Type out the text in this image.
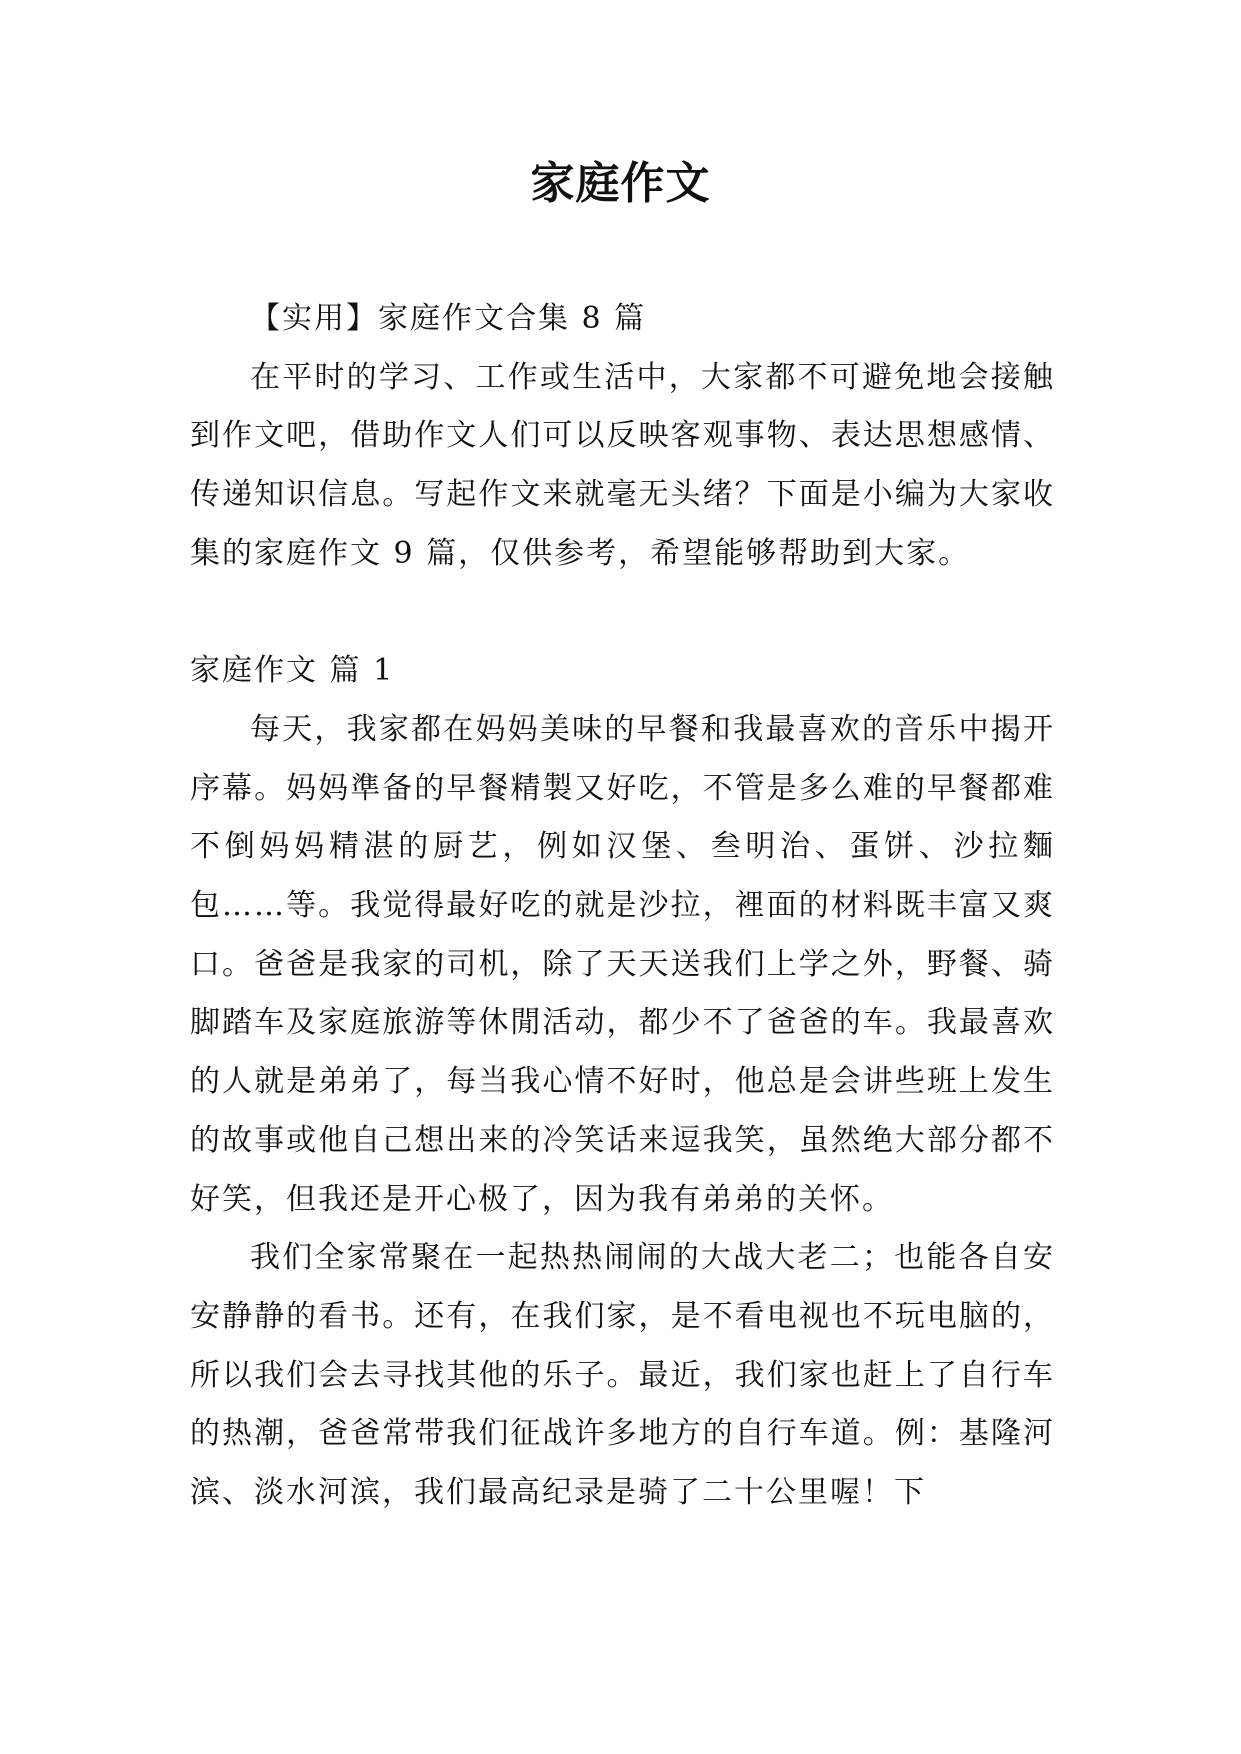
家庭作文

【实用】家庭作文合集 8 篇

在平时的学习、工作或生活中，大家都不可避免地会接触到作文吧，借助作文人们可以反映客观事物、表达思想感情、传递知识信息。写起作文来就毫无头绪？下面是小编为大家收集的家庭作文 9 篇，仅供参考，希望能够帮助到大家。

家庭作文 篇 1

每天，我家都在妈妈美味的早餐和我最喜欢的音乐中揭开序幕。妈妈準备的早餐精製又好吃，不管是多么难的早餐都难不倒妈妈精湛的厨艺，例如汉堡、叁明治、蛋饼、沙拉麵包……等。我觉得最好吃的就是沙拉，裡面的材料既丰富又爽口。爸爸是我家的司机，除了天天送我们上学之外，野餐、骑脚踏车及家庭旅游等休閒活动，都少不了爸爸的车。我最喜欢的人就是弟弟了，每当我心情不好时，他总是会讲些班上发生的故事或他自己想出来的冷笑话来逗我笑，虽然绝大部分都不好笑，但我还是开心极了，因为我有弟弟的关怀。

我们全家常聚在一起热热闹闹的大战大老二；也能各自安安静静的看书。还有，在我们家，是不看电视也不玩电脑的，所以我们会去寻找其他的乐子。最近，我们家也赶上了自行车的热潮，爸爸常带我们征战许多地方的自行车道。例：基隆河滨、淡水河滨，我们最高纪录是骑了二十公里喔！下
